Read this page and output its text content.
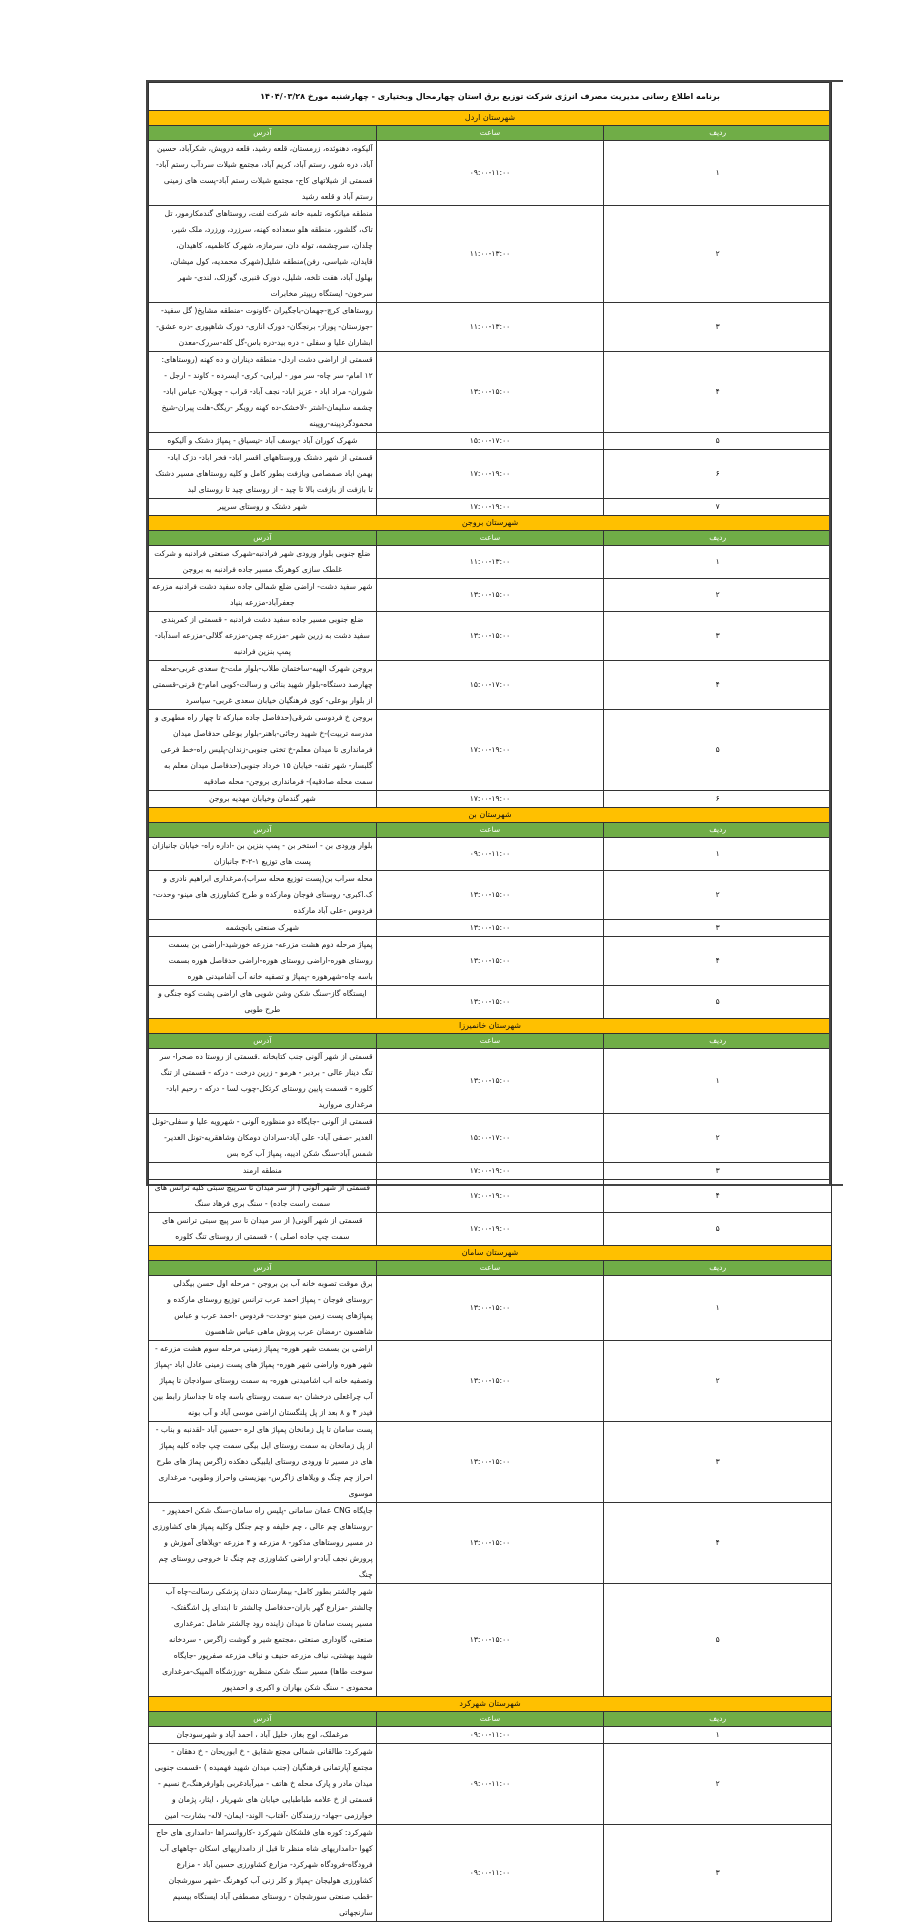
برنامه اطلاع رسانی مدیریت مصرف انرژی شرکت توزیع برق استان چهارمحال وبختیاری - چهارشنبه مورخ ۱۴۰۴/۰۳/۲۸		
شهرستان اردل		
ردیف	ساعت	آدرس
۱	۰۹:۰۰-۱۱:۰۰	آلیکوه، دهنوئده، زرمستان، قلعه رشید، قلعه درویش، شکرآباد، حسین آباد، دره شور، رستم آباد، کریم آباد، مجتمع شیلات سردآب رستم آباد-قسمتی از شیلاتهای کاج- مجتمع شیلات رستم آباد-پست های زمینی رستم آباد و قلعه رشید
۲	۱۱:۰۰-۱۳:۰۰	منطقه میانکوه، تلمبه خانه شرکت لفت، روستاهای گندمکارمور، تل تاک، گلشور، منطقه هلو سعداده کهنه، سرزرد، ورزرد، ملک شیر، چلدان، سرچشمه، توله دان، سرمازه، شهرک کاظمیه، کاهیدان، قایدان، شیاسی، رفن)منطقه شلیل(شهرک محمدیه، کول میشان، بهلول آباد، هفت تلخه، شلیل، دورک قنبری، گوزلک، لندی- شهر سرخون- ایستگاه ریپیتر مخابرات
۳	۱۱:۰۰-۱۳:۰۰	روستاهای کرچ-جهمان-باجگیران -گاونوت -منطقه مشایخ( گل سفید- -جوزستان- پوراز- برنجگان- دورک اناری- دورک شاهپوری -دره عشق- ابشاران علیا و سفلی - دره بید-دره باس-گل کله-سررک-معدن
۴	۱۳:۰۰-۱۵:۰۰	قسمتی از اراضی دشت اردل- منطقه دیناران و ده کهنه (روستاهای: ۱۲ امام- سر چاه- سر مور - لیرابی- کری- ایسرده - کاوند - ارجل - شوران- مراد اباد - عزیز اباد- نجف آباد- قراب - چوبلان- عباس اباد- چشمه سلیمان-اشتر -لاخشک-ده کهنه رویگر -ریگگ-هلت پیران-شیخ محمودگردپینه-روپینه
۵	۱۵:۰۰-۱۷:۰۰	شهرک کوران آباد -یوسف آباد -تیسیاق - پمپاژ دشتک و آلیکوه
۶	۱۷:۰۰-۱۹:۰۰	قسمتی از شهر دشتک وروستاههای اقسر اباد- فخر اباد- دزک اباد- بهمن اباد صمصامی وبازفت بطور کامل و کلیه روستاهای مسیر دشتک تا بازفت از بازفت بالا تا چید - از روستای چید تا روستای لبد
۷	۱۷:۰۰-۱۹:۰۰	شهر دشتک و روستای سرپیر
شهرستان بروجن		
ردیف	ساعت	آدرس
۱	۱۱:۰۰-۱۳:۰۰	ضلع جنوبی بلوار ورودی شهر فرادنبه-شهرک صنعتی فرادنبه و شرکت غلطک سازی کوهرنگ مسیر جاده فرادنبه به بروجن
۲	۱۳:۰۰-۱۵:۰۰	شهر سفید دشت- اراضی ضلع شمالی جاده سفید دشت فرادنبه مزرعه جعفرآباد-مزرعه بنیاد
۳	۱۳:۰۰-۱۵:۰۰	ضلع جنوبی مسیر جاده سفید دشت فرادنبه - قسمتی از کمربندی سفید دشت به زرین شهر -مزرعه چمن-مزرعه گلالی-مزرعه اسدآباد-پمپ بنزین فرادنبه
۴	۱۵:۰۰-۱۷:۰۰	بروجن شهرک الهیه-ساختمان طلاب-بلوار ملت-خ سعدی غربی-محله چهارصد دستگاه-بلوار شهید بنائی و رسالت-کوبی امام-خ قرنی-قسمتی از بلوار بوعلی- کوی فرهنگیان خیابان سعدی غربی- سیاسرد
۵	۱۷:۰۰-۱۹:۰۰	بروجن خ فردوسی شرقی(حدفاصل جاده مبارکه تا چهار راه مطهری و مدرسه تربیت)-خ شهید رجائی-باهنر-بلوار بوعلی حدفاصل میدان فرمانداری تا میدان معلم-خ تختی جنوبی-زندان-پلیس راه-خط فرعی گلبسار- شهر تقنه- خیابان ۱۵ خرداد جنوبی(حدفاصل میدان معلم به سمت محله صادقیه)- فرمانداری بروجن- محله صادقیه
۶	۱۷:۰۰-۱۹:۰۰	شهر گندمان وخیابان مهدیه بروجن
شهرستان بن		
ردیف	ساعت	آدرس
۱	۰۹:۰۰-۱۱:۰۰	بلوار ورودی بن - استخر بن - پمپ بنزین بن -اداره راه- خیابان جانبازان پست های توزیع ۱-۲-۳ جانبازان
۲	۱۳:۰۰-۱۵:۰۰	محله سراب بن(پست توزیع محله سراب)،مرغداری ابراهیم نادری و ک.اکبری- روستای فوجان ومارکده و طرح کشاورزی های مینو- وحدت- فردوس -علی آباد مارکده
۳	۱۳:۰۰-۱۵:۰۰	شهرک صنعتی بانچشمه
۴	۱۳:۰۰-۱۵:۰۰	پمپاژ مرحله دوم هشت مزرعه- مزرعه خورشید-اراضی بن بسمت روستای هوره-اراضی روستای هوره-اراضی حدفاصل هوره بسمت باسه چاه-شهرهوره -پمپاژ و تصفیه خانه آب آشامیدنی هوره
۵	۱۳:۰۰-۱۵:۰۰	ایستگاه گاز-سنگ شکن وشن شویی های اراضی پشت کوه جنگی و طرح طوبی
شهرستان خانمیرزا		
ردیف	ساعت	آدرس
۱	۱۳:۰۰-۱۵:۰۰	قسمتی از شهر آلونی جنب کتابخانه .قسمتی از روستا ده صحرا- سر تنگ دینار عالی - بردبر - هرمو - زرین درخت - درکه - قسمتی از تنگ کلوره - قسمت پایین روستای کرتکل-چوب لسا - درکه - رحیم اباد-مرغداری مروارید
۲	۱۵:۰۰-۱۷:۰۰	قسمتی از آلونی -جایگاه دو منظوره آلونی - شهرویه علیا و سفلی-تونل الغدیر -صفی آباد- علی آباد-سرادان دومکان وشاهقریه-تونل الغدیر-شمس آباد-سنگ شکن ادیبه، پمپاژ آب کره بس
۳	۱۷:۰۰-۱۹:۰۰	منطقه ارمند
۴	۱۷:۰۰-۱۹:۰۰	قسمتی از شهر آلونی ( از سر میدان تا سرپیچ سبتی کلیه ترانس های سمت راست جاده) - سنگ بری فرهاد سنگ
۵	۱۷:۰۰-۱۹:۰۰	قسمتی از شهر آلونی( از سر میدان تا سر پیچ سبتی ترانس های سمت چپ جاده اصلی ) - قسمتی از روستای تنگ کلوره
شهرستان سامان		
ردیف	ساعت	آدرس
۱	۱۳:۰۰-۱۵:۰۰	برق موقت تصوبه خانه آب بن بروجن - مرحله اول حسن بیگدلی -روستای فوجان - پمپاژ احمد عرب ترانس توزیع روستای مارکده و پمپاژهای پست زمین مینو -وحدت- فردوس -احمد عرب و عباس شاهسون -رمضان عرب پروش ماهی عباس شاهسون
۲	۱۳:۰۰-۱۵:۰۰	اراضی بن بسمت شهر هوره- پمپاژ زمینی مرحله سوم هشت مزرعه - شهر هوره واراضی شهر هوره- پمپاژ های پست زمینی عادل اباد -پمپاژ وتصفیه خانه اب اشامیدنی هوره- به سمت روستای سوادجان تا پمپاژ آب چراغعلی درخشان -به سمت روستای باسه چاه تا جداساز رابط بین فیدر ۴ و ۸ بعد از پل پلنگستان اراضی موسی آباد و آب بونه
۳	۱۳:۰۰-۱۵:۰۰	پست سامان تا پل زمانخان پمپاژ های لره -حسین آباد -لقدنبه و بناب - از پل زمانخان به سمت روستای ایل بیگی سمت چپ جاده کلیه پمپاژ های در مسیر تا ورودی روستای ایلبیگی دهکده زاگرس پماژ های طرح احراز چم چنگ و ویلاهای زاگرس- بهزیستی واحراز وطوبی- مرغداری موسوی
۴	۱۳:۰۰-۱۵:۰۰	جایگاه CNG عمان سامانی -پلیس راه سامان-سنگ شکن احمدپور - -روستاهای چم عالی ، چم خلیفه و چم جنگل وکلیه پمپاژ های کشاورزی در مسیر روستاهای مذکور- ۸ مزرعه و ۴ مزرعه -ویلاهای آموزش و پرورش نجف آباد-و اراضی کشاورزی چم چنگ تا خروجی روستای چم چنگ
۵	۱۳:۰۰-۱۵:۰۰	شهر چالشتر بطور کامل- بیمارستان دندان پزشکی رسالت-چاه آب چالشتر -مزارع گهر باران-حدفاصل چالشتر تا ابتدای پل اشگفتک- مسیر پست سامان تا میدان زاینده رود چالشتر شامل :مرغداری صنعتی، گاوداری صنعتی ،مجتمع شیر و گوشت زاگرس - سردخانه شهید بهشتی، نباف مزرعه حنیف و نباف مزرعه صفرپور -جایگاه سوخت طاها) مسیر سنگ شکن منظریه -ورزشگاه المپیک-مرغداری محمودی - سنگ شکن بهاران و اکبری و احمدپور
شهرستان شهرکرد		
ردیف	ساعت	آدرس
۱	۰۹:۰۰-۱۱:۰۰	مرغملک، اوج بغاز، خلیل آباد ، احمد آباد و شهرسودجان
۲	۰۹:۰۰-۱۱:۰۰	شهرکرد: طالقانی شمالی مجتع شقایق - خ ابوریحان - خ دهقان - مجتمع آپارتمانی فرهنگیان (جنب میدان شهید فهمیده ) -قسمت جنوبی میدان مادر و پارک محله خ هاتف - میرآبادغربی بلوارفرهنگ،خ نسیم - قسمتی از خ علامه طباطبایی خیابان های شهریار ، ایثار، پژمان و خوارزمی -جهاد- رزمندگان -آفتاب- الوند- ایمان- لاله- بشارت- امین
۳	۰۹:۰۰-۱۱:۰۰	شهرکرد: کوره های فلشکان شهرکرد -کاروانسراها -دامداری های حاج کهوا -دامداریهای شاه منظر تا قبل از دامداریهای اسکان -چاههای آب فرودگاه-فرودگاه شهرکرد- مزارع کشاورزی حسین آباد - مزارع کشاورزی هولیجان -پمپاژ و کلر زنی آب کوهرنگ -شهر سورشجان -قطب صنعتی سورشجان - روستای مصطفی آباد ایستگاه بیسیم سارنجهاتی
